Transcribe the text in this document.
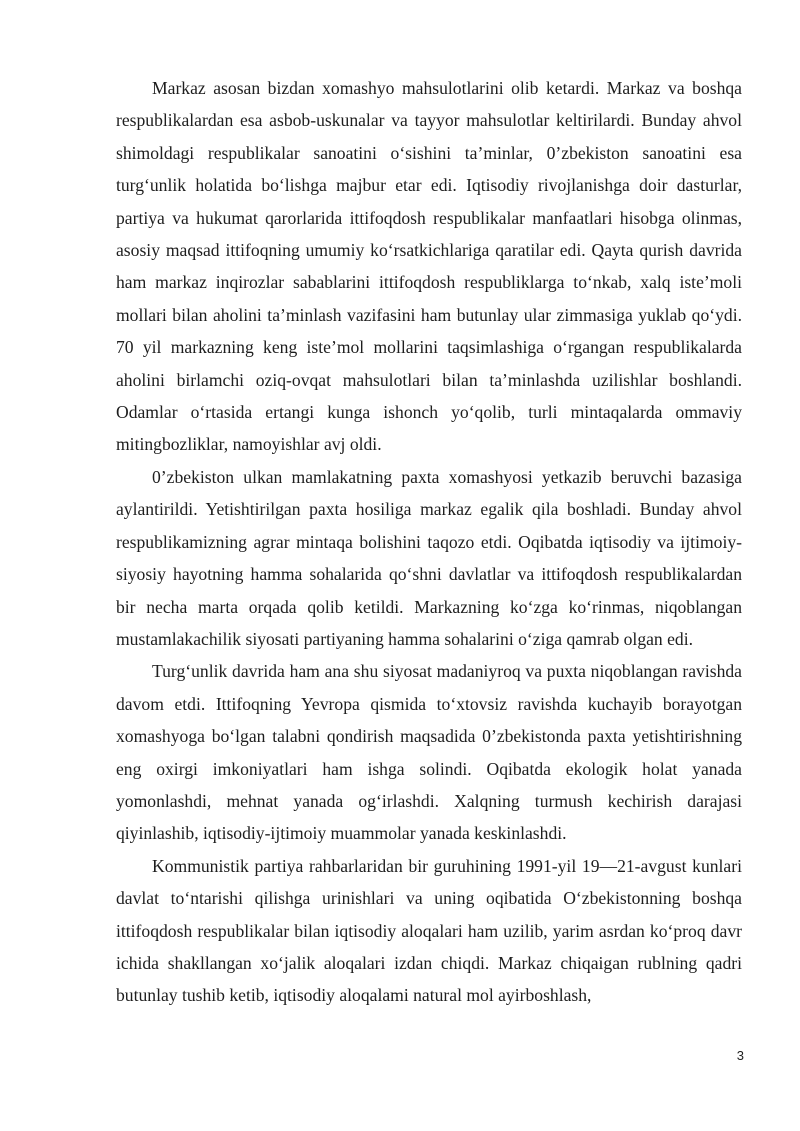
Markaz asosan bizdan xomashyo mahsulotlarini olib ketardi. Markaz va boshqa respublikalardan esa asbob-uskunalar va tayyor mahsulotlar keltirilardi. Bunday ahvol shimoldagi respublikalar sanoatini o‘sishini ta’minlar, 0’zbekiston sanoatini esa turg‘unlik holatida bo‘lishga majbur etar edi. Iqtisodiy rivojlanishga doir dasturlar, partiya va hukumat qarorlarida ittifoqdosh respublikalar manfaatlari hisobga olinmas, asosiy maqsad ittifoqning umumiy ko‘rsatkichlariga qaratilar edi. Qayta qurish davrida ham markaz inqirozlar sabablarini ittifoqdosh respubliklarga to‘nkab, xalq iste’moli mollari bilan aholini ta’minlash vazifasini ham butunlay ular zimmasiga yuklab qo‘ydi. 70 yil markazning keng iste’mol mollarini taqsimlashiga o‘rgangan respublikalarda aholini birlamchi oziq-ovqat mahsulotlari bilan ta’minlashda uzilishlar boshlandi. Odamlar o‘rtasida ertangi kunga ishonch yo‘qolib, turli mintaqalarda ommaviy mitingbozliklar, namoyishlar avj oldi.

0’zbekiston ulkan mamlakatning paxta xomashyosi yetkazib beruvchi bazasiga aylantirildi. Yetishtirilgan paxta hosiliga markaz egalik qila boshladi. Bunday ahvol respublikamizning agrar mintaqa bolishini taqozo etdi. Oqibatda iqtisodiy va ijtimoiy-siyosiy hayotning hamma sohalarida qo‘shni davlatlar va ittifoqdosh respublikalardan bir necha marta orqada qolib ketildi. Markazning ko‘zga ko‘rinmas, niqoblangan mustamlakachilik siyosati partiyaning hamma sohalarini o‘ziga qamrab olgan edi.

Turg‘unlik davrida ham ana shu siyosat madaniyroq va puxta niqoblangan ravishda davom etdi. Ittifoqning Yevropa qismida to‘xtovsiz ravishda kuchayib borayotgan xomashyoga bo‘lgan talabni qondirish maqsadida 0’zbekistonda paxta yetishtirishning eng oxirgi imkoniyatlari ham ishga solindi. Oqibatda ekologik holat yanada yomonlashdi, mehnat yanada og‘irlashdi. Xalqning turmush kechirish darajasi qiyinlashib, iqtisodiy-ijtimoiy muammolar yanada keskinlashdi.

Kommunistik partiya rahbarlaridan bir guruhining 1991-yil 19—21-avgust kunlari davlat to‘ntarishi qilishga urinishlari va uning oqibatida O‘zbekistonning boshqa ittifoqdosh respublikalar bilan iqtisodiy aloqalari ham uzilib, yarim asrdan ko‘proq davr ichida shakllangan xo‘jalik aloqalari izdan chiqdi. Markaz chiqaigan rublning qadri butunlay tushib ketib, iqtisodiy aloqalami natural mol ayirboshlash,

3
